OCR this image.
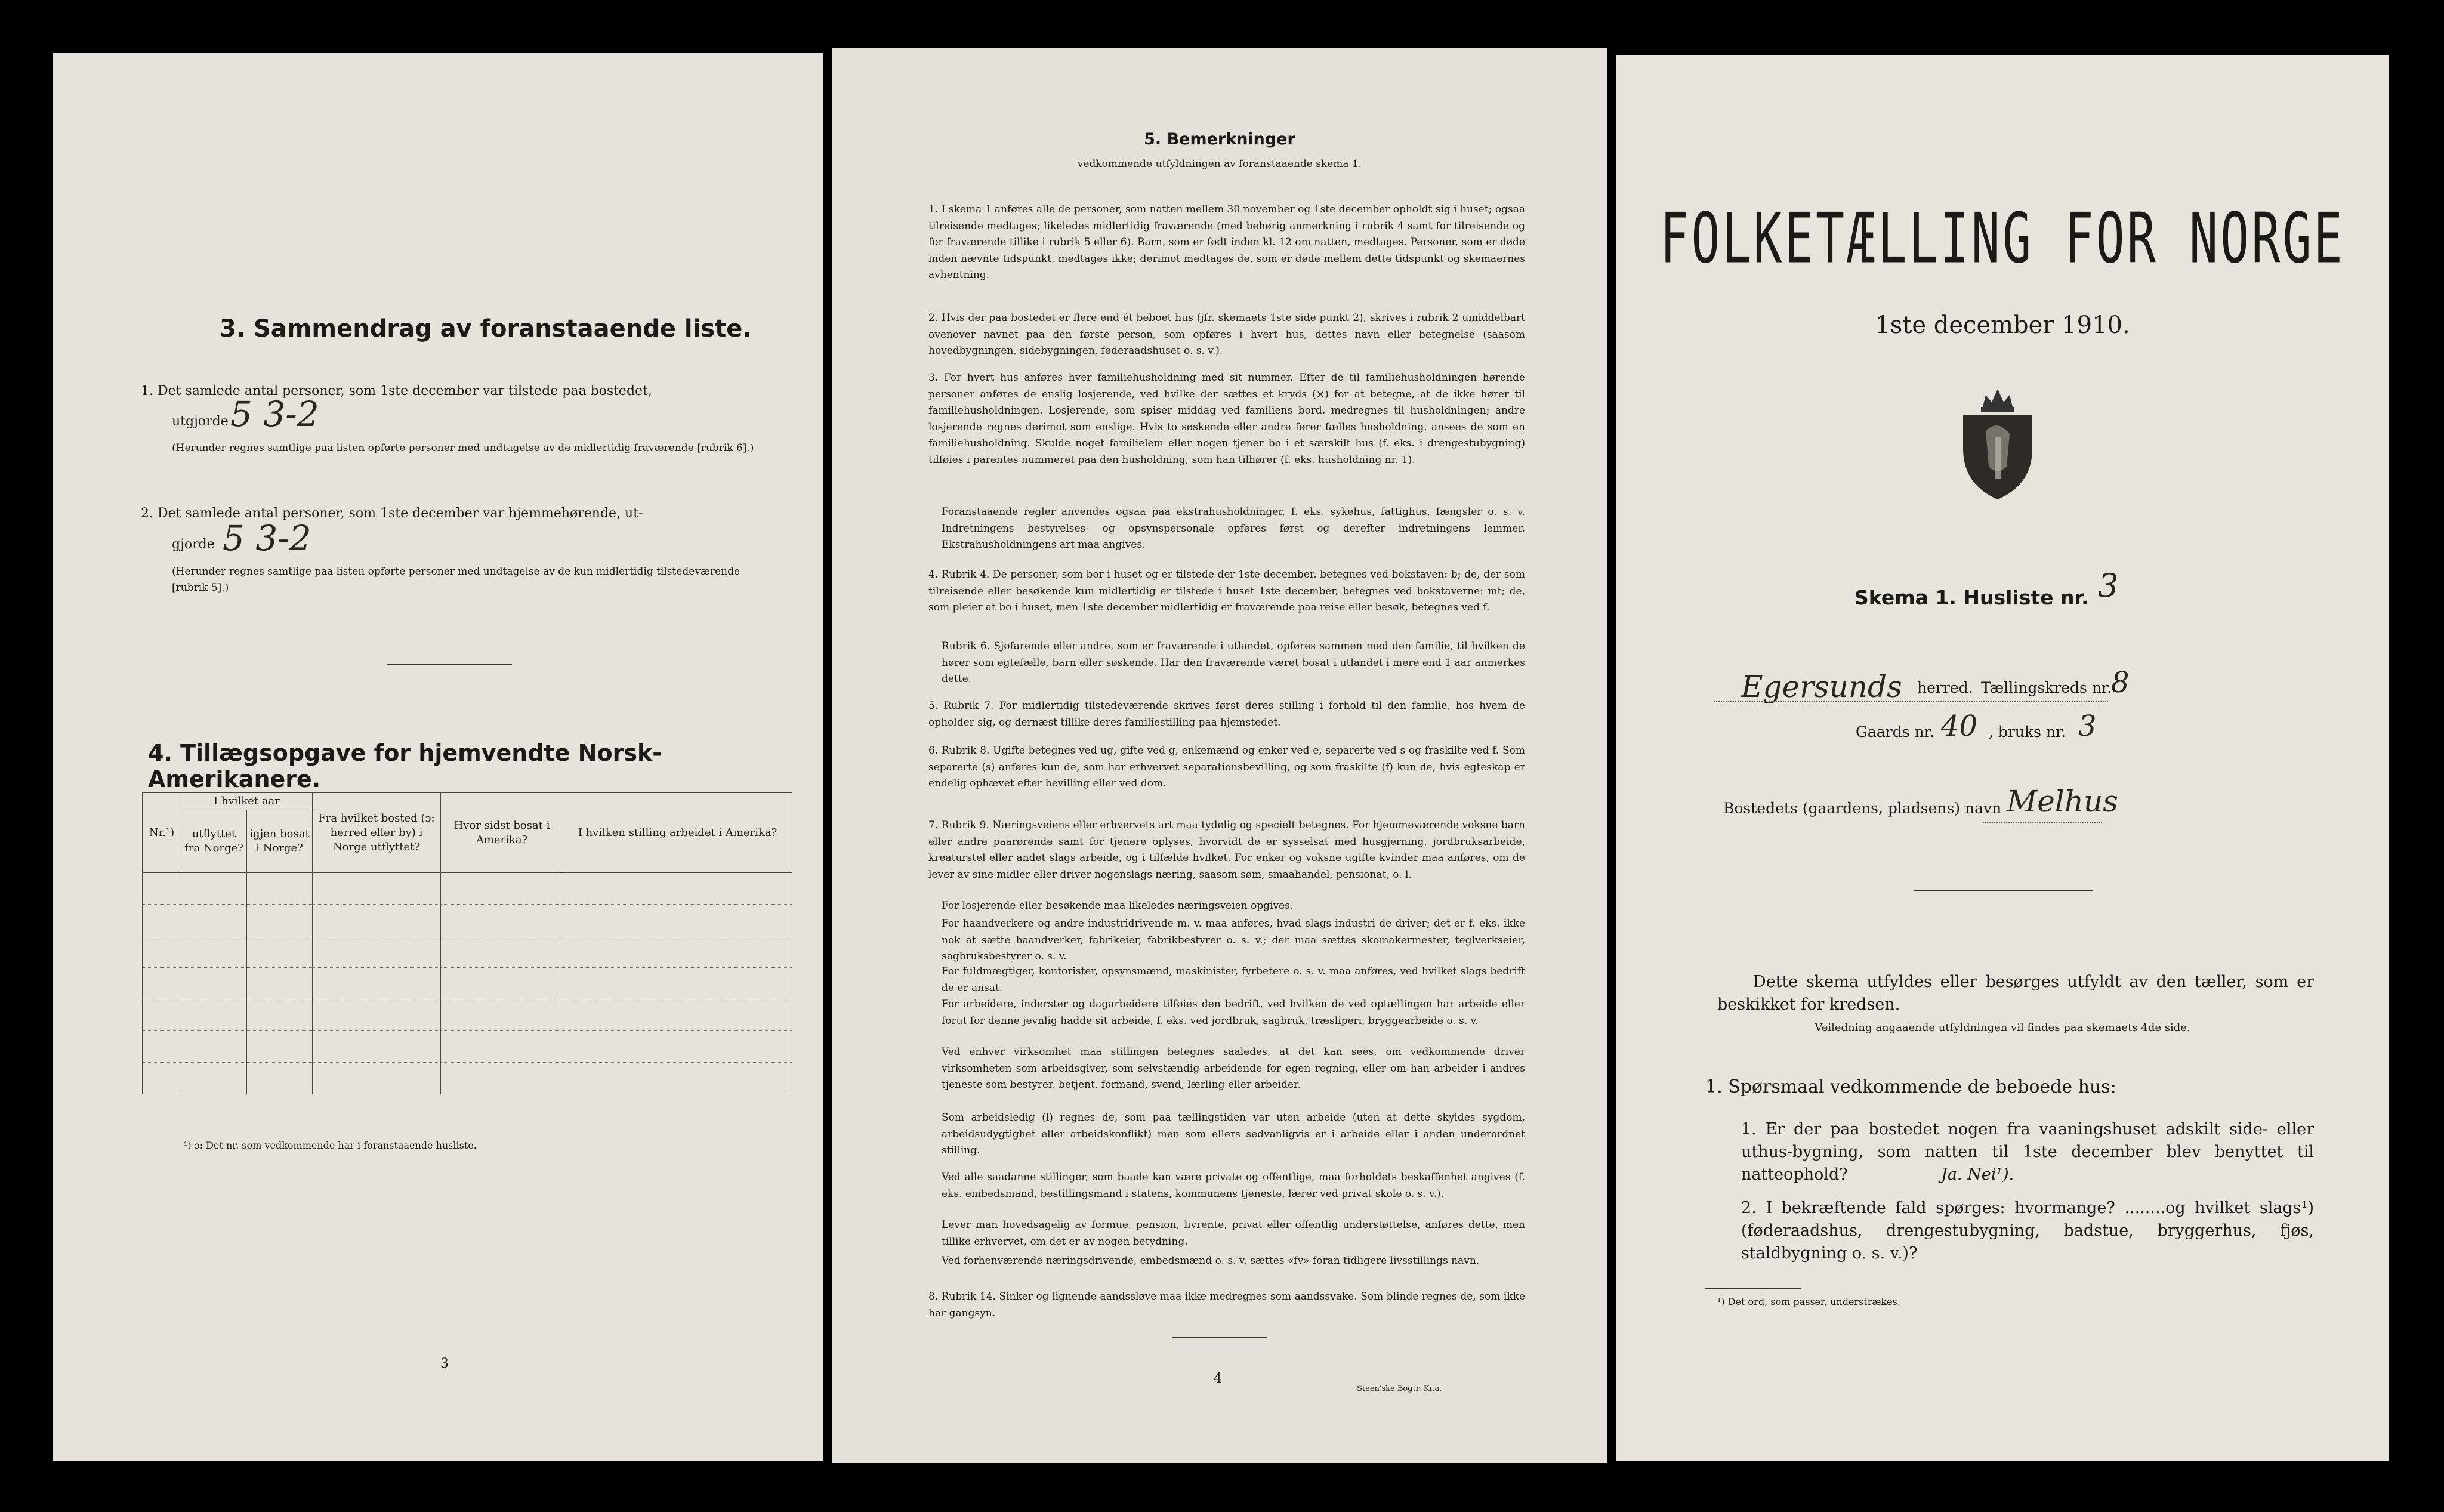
3. Sammendrag av foranstaaende liste.
1. Det samlede antal personer, som 1ste december var tilstede paa bostedet,
utgjorde 5 3-2
(Herunder regnes samtlige paa listen opførte personer med undtagelse av de midlertidig fraværende [rubrik 6].)
2. Det samlede antal personer, som 1ste december var hjemmehørende, ut-
gjorde 5 3-2
(Herunder regnes samtlige paa listen opførte personer med undtagelse av de kun midlertidig tilstedeværende [rubrik 5].)
4. Tillægsopgave for hjemvendte Norsk-Amerikanere.
Nr.¹)	I hvilket aar		Fra hvilket bosted (ᴐ: herred eller by) i Norge utflyttet?	Hvor sidst bosat i Amerika?	I hvilken stilling arbeidet i Amerika?
	utflyttet fra Norge?	igjen bosat i Norge?			

¹) ᴐ: Det nr. som vedkommende har i foranstaaende husliste.
3
5. Bemerkninger
vedkommende utfyldningen av foranstaaende skema 1.
1. I skema 1 anføres alle de personer, som natten mellem 30 november og 1ste december opholdt sig i huset; ogsaa tilreisende medtages; likeledes midlertidig fraværende (med behørig anmerkning i rubrik 4 samt for tilreisende og for fraværende tillike i rubrik 5 eller 6). Barn, som er født inden kl. 12 om natten, medtages. Personer, som er døde inden nævnte tidspunkt, medtages ikke; derimot medtages de, som er døde mellem dette tidspunkt og skemaernes avhentning.
2. Hvis der paa bostedet er flere end ét beboet hus (jfr. skemaets 1ste side punkt 2), skrives i rubrik 2 umiddelbart ovenover navnet paa den første person, som opføres i hvert hus, dettes navn eller betegnelse (saasom hovedbygningen, sidebygningen, føderaadshuset o. s. v.).
3. For hvert hus anføres hver familiehusholdning med sit nummer. Efter de til familiehusholdningen hørende personer anføres de enslig losjerende, ved hvilke der sættes et kryds (×) for at betegne, at de ikke hører til familiehusholdningen. Losjerende, som spiser middag ved familiens bord, medregnes til husholdningen; andre losjerende regnes derimot som enslige. Hvis to søskende eller andre fører fælles husholdning, ansees de som en familiehusholdning. Skulde noget familielem eller nogen tjener bo i et særskilt hus (f. eks. i drengestubygning) tilføies i parentes nummeret paa den husholdning, som han tilhører (f. eks. husholdning nr. 1).
Foranstaaende regler anvendes ogsaa paa ekstrahusholdninger, f. eks. sykehus, fattighus, fængsler o. s. v. Indretningens bestyrelses- og opsynspersonale opføres først og derefter indretningens lemmer. Ekstrahusholdningens art maa angives.
4. Rubrik 4. De personer, som bor i huset og er tilstede der 1ste december, betegnes ved bokstaven: b; de, der som tilreisende eller besøkende kun midlertidig er tilstede i huset 1ste december, betegnes ved bokstaverne: mt; de, som pleier at bo i huset, men 1ste december midlertidig er fraværende paa reise eller besøk, betegnes ved f.
Rubrik 6. Sjøfarende eller andre, som er fraværende i utlandet, opføres sammen med den familie, til hvilken de hører som egtefælle, barn eller søskende. Har den fraværende været bosat i utlandet i mere end 1 aar anmerkes dette.
5. Rubrik 7. For midlertidig tilstedeværende skrives først deres stilling i forhold til den familie, hos hvem de opholder sig, og dernæst tillike deres familiestilling paa hjemstedet.
6. Rubrik 8. Ugifte betegnes ved ug, gifte ved g, enkemænd og enker ved e, separerte ved s og fraskilte ved f. Som separerte (s) anføres kun de, som har erhvervet separationsbevilling, og som fraskilte (f) kun de, hvis egteskap er endelig ophævet efter bevilling eller ved dom.
7. Rubrik 9. Næringsveiens eller erhvervets art maa tydelig og specielt betegnes. For hjemmeværende voksne barn eller andre paarørende samt for tjenere oplyses, hvorvidt de er sysselsat med husgjerning, jordbruksarbeide, kreaturstel eller andet slags arbeide, og i tilfælde hvilket. For enker og voksne ugifte kvinder maa anføres, om de lever av sine midler eller driver nogenslags næring, saasom søm, smaahandel, pensionat, o. l.
For losjerende eller besøkende maa likeledes næringsveien opgives.
For haandverkere og andre industridrivende m. v. maa anføres, hvad slags industri de driver; det er f. eks. ikke nok at sætte haandverker, fabrikeier, fabrikbestyrer o. s. v.; der maa sættes skomakermester, teglverkseier, sagbruksbestyrer o. s. v.
For fuldmægtiger, kontorister, opsynsmænd, maskinister, fyrbetere o. s. v. maa anføres, ved hvilket slags bedrift de er ansat.
For arbeidere, inderster og dagarbeidere tilføies den bedrift, ved hvilken de ved optællingen har arbeide eller forut for denne jevnlig hadde sit arbeide, f. eks. ved jordbruk, sagbruk, træsliperi, bryggearbeide o. s. v.
Ved enhver virksomhet maa stillingen betegnes saaledes, at det kan sees, om vedkommende driver virksomheten som arbeidsgiver, som selvstændig arbeidende for egen regning, eller om han arbeider i andres tjeneste som bestyrer, betjent, formand, svend, lærling eller arbeider.
Som arbeidsledig (l) regnes de, som paa tællingstiden var uten arbeide (uten at dette skyldes sygdom, arbeidsudygtighet eller arbeidskonflikt) men som ellers sedvanligvis er i arbeide eller i anden underordnet stilling.
Ved alle saadanne stillinger, som baade kan være private og offentlige, maa forholdets beskaffenhet angives (f. eks. embedsmand, bestillingsmand i statens, kommunens tjeneste, lærer ved privat skole o. s. v.).
Lever man hovedsagelig av formue, pension, livrente, privat eller offentlig understøttelse, anføres dette, men tillike erhvervet, om det er av nogen betydning.
Ved forhenværende næringsdrivende, embedsmænd o. s. v. sættes «fv» foran tidligere livsstillings navn.
8. Rubrik 14. Sinker og lignende aandssløve maa ikke medregnes som aandssvake. Som blinde regnes de, som ikke har gangsyn.
4
Steen'ske Bogtr. Kr.a.
FOLKETÆLLING FOR NORGE
1ste december 1910.
Skema 1. Husliste nr. 3
Egersunds herred. Tællingskreds nr.
8
Gaards nr. 40 , bruks nr. 3
Bostedets (gaardens, pladsens) navn Melhus
Dette skema utfyldes eller besørges utfyldt av den tæller, som er beskikket for kredsen.
Veiledning angaaende utfyldningen vil findes paa skemaets 4de side.
1. Spørsmaal vedkommende de beboede hus:
1. Er der paa bostedet nogen fra vaaningshuset adskilt side- eller uthus-bygning, som natten til 1ste december blev benyttet til natteophold?	Ja. Nei¹).
2. I bekræftende fald spørges: hvormange? ........og hvilket slags¹) (føderaadshus, drengestubygning, badstue, bryggerhus, fjøs, staldbygning o. s. v.)?
¹) Det ord, som passer, understrækes.
